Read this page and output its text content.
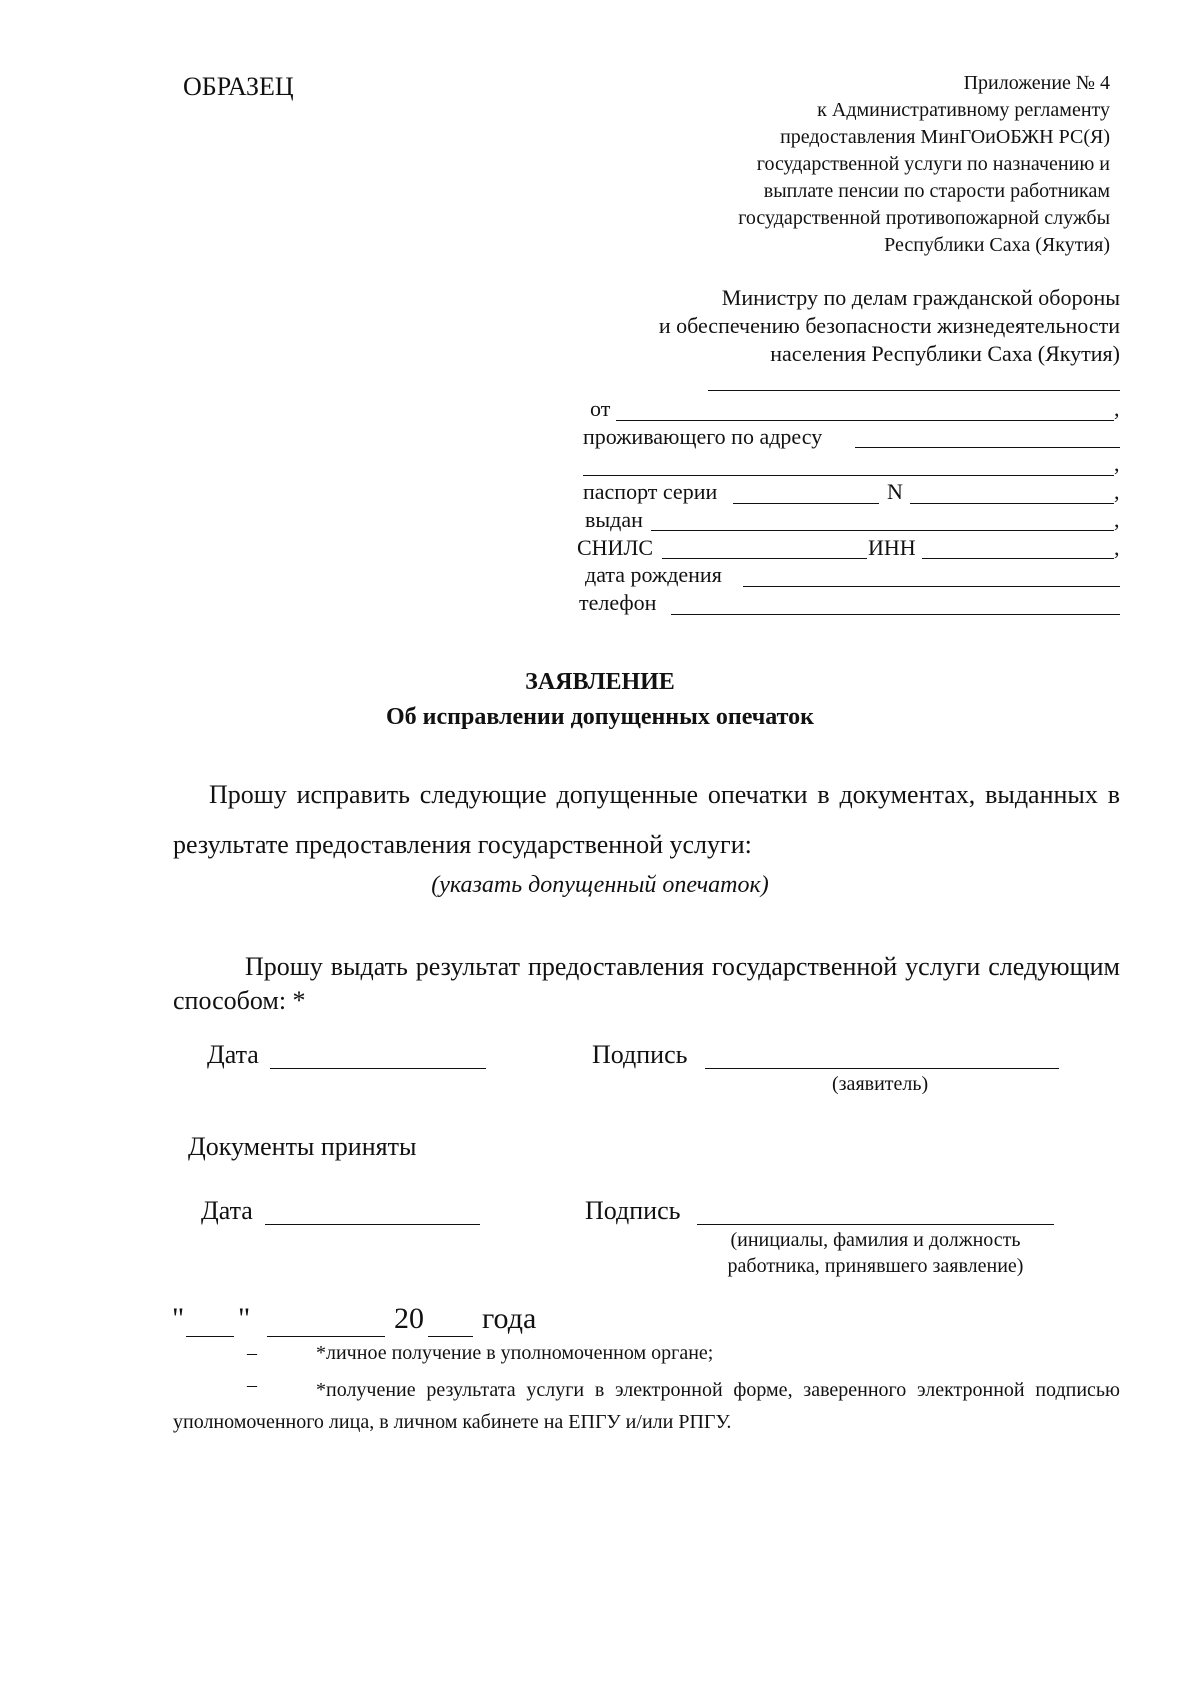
ОБРАЗЕЦ	Приложение № 4
к Административному регламенту
предоставления МинГОиОБЖН РС(Я)
государственной услуги по назначению и
выплате пенсии по старости работникам
государственной противопожарной службы
Республики Саха (Якутия)
Министру по делам гражданской обороны
и обеспечению безопасности жизнедеятельности
населения Республики Саха (Якутия)
от	,
проживающего по адресу
,
паспорт серии	N	,
выдан	,
СНИЛС	ИНН	,
дата рождения
телефон
ЗАЯВЛЕНИЕ
Об исправлении допущенных опечаток
Прошу исправить следующие допущенные опечатки в документах, выданных в результате предоставления государственной услуги:
(указать допущенный опечаток)
Прошу выдать результат предоставления государственной услуги следующим способом: *
Дата	Подпись
(заявитель)
Документы приняты
Дата	Подпись
(инициалы, фамилия и должность
работника, принявшего заявление)
" "	20 года
–	*личное получение в уполномоченном органе;
–	*получение результата услуги в электронной форме, заверенного электронной подписью уполномоченного лица, в личном кабинете на ЕПГУ и/или РПГУ.
